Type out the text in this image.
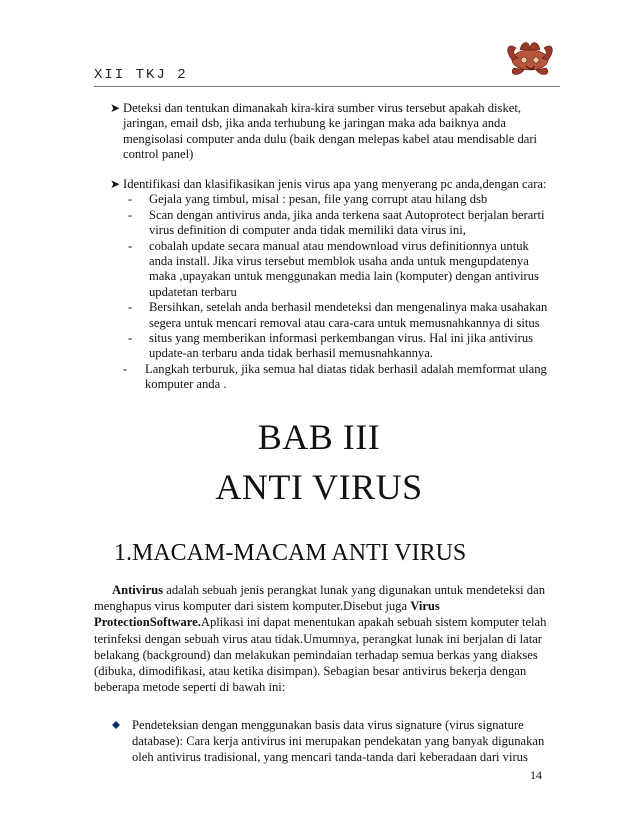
XII TKJ 2
➤ Deteksi dan tentukan dimanakah kira-kira sumber virus tersebut apakah disket, jaringan, email dsb, jika anda terhubung ke jaringan maka ada baiknya anda mengisolasi computer anda dulu (baik dengan melepas kabel atau mendisable dari control panel)
➤ Identifikasi dan klasifikasikan jenis virus apa yang menyerang pc anda,dengan cara:
- Gejala yang timbul, misal : pesan, file yang corrupt atau hilang dsb
- Scan dengan antivirus anda, jika anda terkena saat Autoprotect berjalan berarti virus definition di computer anda tidak memiliki data virus ini,
- cobalah update secara manual atau mendownload virus definitionnya untuk anda install. Jika virus tersebut memblok usaha anda untuk mengupdatenya maka ,upayakan untuk menggunakan media lain (komputer) dengan antivirus updatetan terbaru
- Bersihkan, setelah anda berhasil mendeteksi dan mengenalinya maka usahakan segera untuk mencari removal atau cara-cara untuk memusnahkannya di situs
- situs yang memberikan informasi perkembangan virus. Hal ini jika antivirus update-an terbaru anda tidak berhasil memusnahkannya.
- Langkah terburuk, jika semua hal diatas tidak berhasil adalah memformat ulang komputer anda .
BAB III
ANTI VIRUS
1.MACAM-MACAM ANTI VIRUS
Antivirus adalah sebuah jenis perangkat lunak yang digunakan untuk mendeteksi dan menghapus virus komputer dari sistem komputer.Disebut juga Virus ProtectionSoftware.Aplikasi ini dapat menentukan apakah sebuah sistem komputer telah terinfeksi dengan sebuah virus atau tidak.Umumnya, perangkat lunak ini berjalan di latar belakang (background) dan melakukan pemindaian terhadap semua berkas yang diakses (dibuka, dimodifikasi, atau ketika disimpan). Sebagian besar antivirus bekerja dengan beberapa metode seperti di bawah ini:
Pendeteksian dengan menggunakan basis data virus signature (virus signature database): Cara kerja antivirus ini merupakan pendekatan yang banyak digunakan oleh antivirus tradisional, yang mencari tanda-tanda dari keberadaan dari virus
14
